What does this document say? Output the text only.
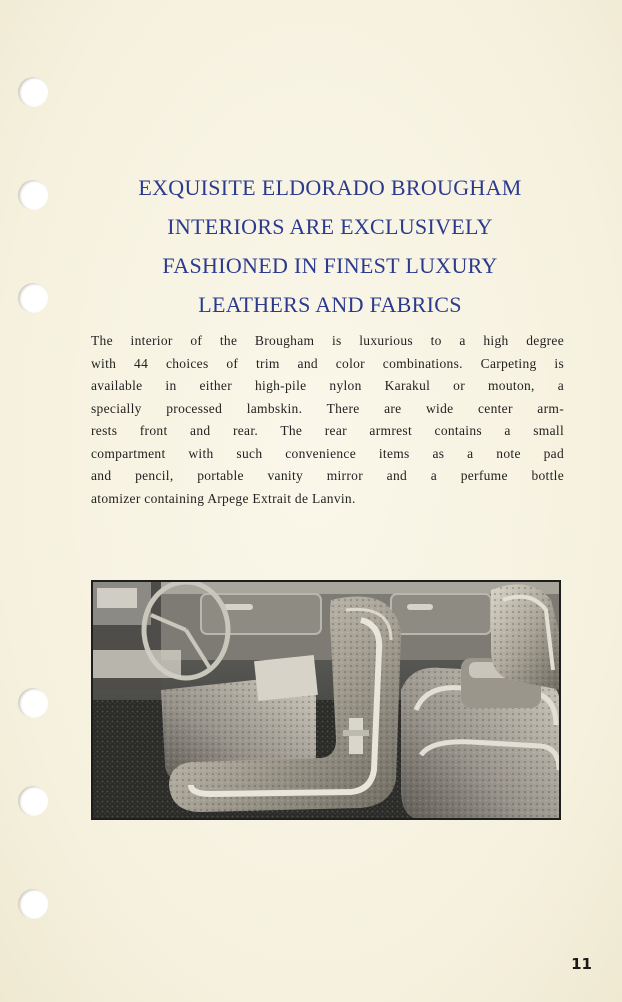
EXQUISITE ELDORADO BROUGHAM
INTERIORS ARE EXCLUSIVELY
FASHIONED IN FINEST LUXURY
LEATHERS AND FABRICS
The interior of the Brougham is luxurious to a high degree
with 44 choices of trim and color combinations. Carpeting is
available in either high-pile nylon Karakul or mouton, a
specially processed lambskin. There are wide center arm-
rests front and rear. The rear armrest contains a small
compartment with such convenience items as a note pad
and pencil, portable vanity mirror and a perfume bottle
atomizer containing Arpege Extrait de Lanvin.
11
